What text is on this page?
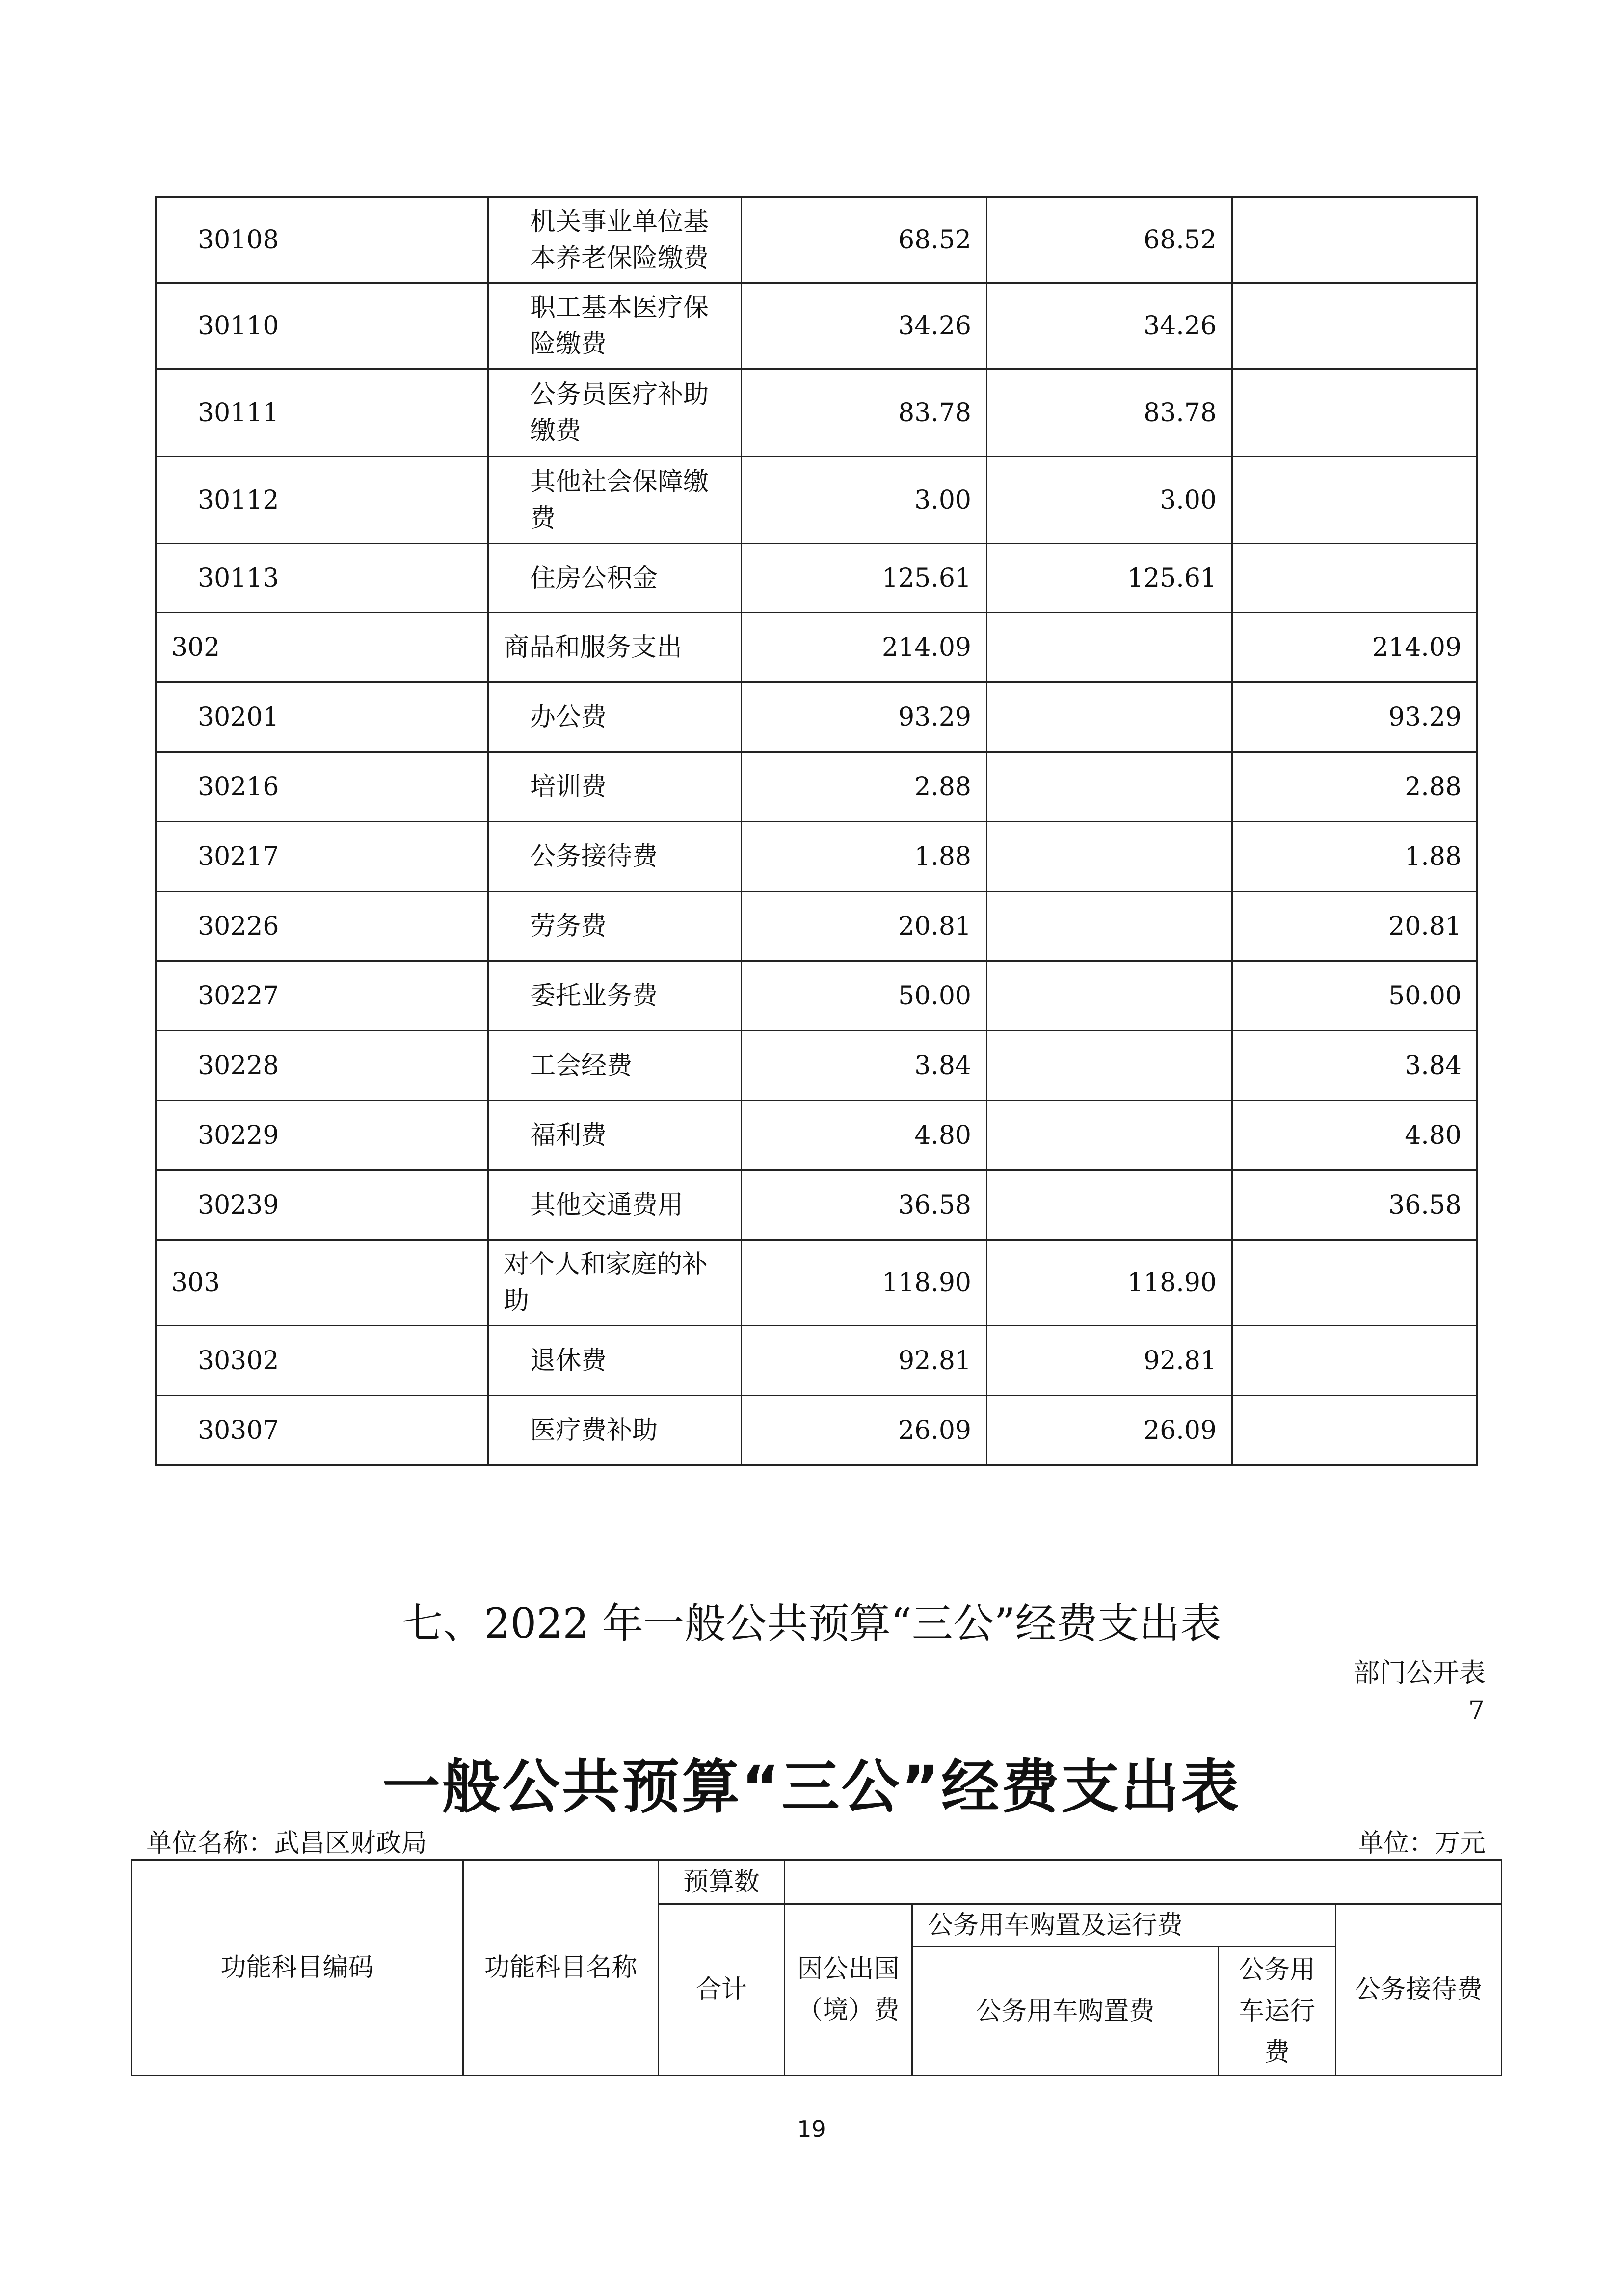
30108	机关事业单位基本养老保险缴费	68.52	68.52	
30110	职工基本医疗保险缴费	34.26	34.26	
30111	公务员医疗补助缴费	83.78	83.78	
30112	其他社会保障缴费	3.00	3.00	
30113	住房公积金	125.61	125.61	
302	商品和服务支出	214.09		214.09
30201	办公费	93.29		93.29
30216	培训费	2.88		2.88
30217	公务接待费	1.88		1.88
30226	劳务费	20.81		20.81
30227	委托业务费	50.00		50.00
30228	工会经费	3.84		3.84
30229	福利费	4.80		4.80
30239	其他交通费用	36.58		36.58
303	对个人和家庭的补助	118.90	118.90	
30302	退休费	92.81	92.81	
30307	医疗费补助	26.09	26.09	
七、2022 年一般公共预算“三公”经费支出表
部门公开表
7
一般公共预算“三公”经费支出表
单位名称：武昌区财政局	单位：万元
功能科目编码	功能科目名称	预算数				
		合计	因公出国（境）费	公务用车购置及运行费		公务接待费
				公务用车购置费	公务用车运行费	
19
